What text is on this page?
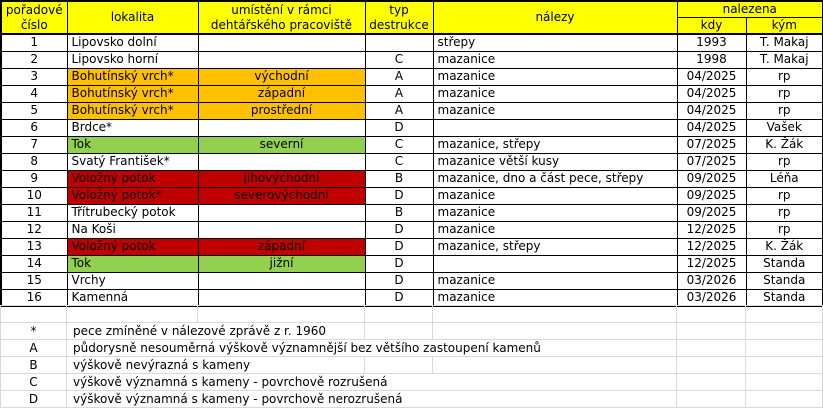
pořadové číslo	lokalita	umístění v rámci dehtářského pracoviště	typ destrukce	nálezy	nalezena	
					kdy	kým
1	Lipovsko dolní			střepy	1993	T. Makaj
2	Lipovsko horní		C	mazanice	1998	T. Makaj
3	Bohutínský vrch*	východní	A	mazanice	04/2025	rp
4	Bohutínský vrch*	západní	A	mazanice	04/2025	rp
5	Bohutínský vrch*	prostřední	A	mazanice	04/2025	rp
6	Brdce*		D		04/2025	Vašek
7	Tok	severní	C	mazanice, střepy	07/2025	K. Žák
8	Svatý František*		C	mazanice větší kusy	07/2025	rp
9	Voložný potok	jihovýchodní	B	mazanice, dno a část pece, střepy	09/2025	Léňa
10	Voložný potok*	severovýchodní	D	mazanice	09/2025	rp
11	Třítrubecký potok		B	mazanice	09/2025	rp
12	Na Koši		D	mazanice	12/2025	rp
13	Voložný potok	západní	D	mazanice, střepy	12/2025	K. Žák
14	Tok	jižní	D		12/2025	Standa
15	Vrchy		D	mazanice	03/2026	Standa
16	Kamenná		D	mazanice	03/2026	Standa

*	pece zmíněné v nálezové zprávě z r. 1960					
A	půdorysně nesouměrná výškově významnější bez většího zastoupení kamenů					
B	výškově nevýrazná s kameny					
C	výškově významná s kameny - povrchově rozrušená					
D	výškově významná s kameny - povrchově nerozrušená					
